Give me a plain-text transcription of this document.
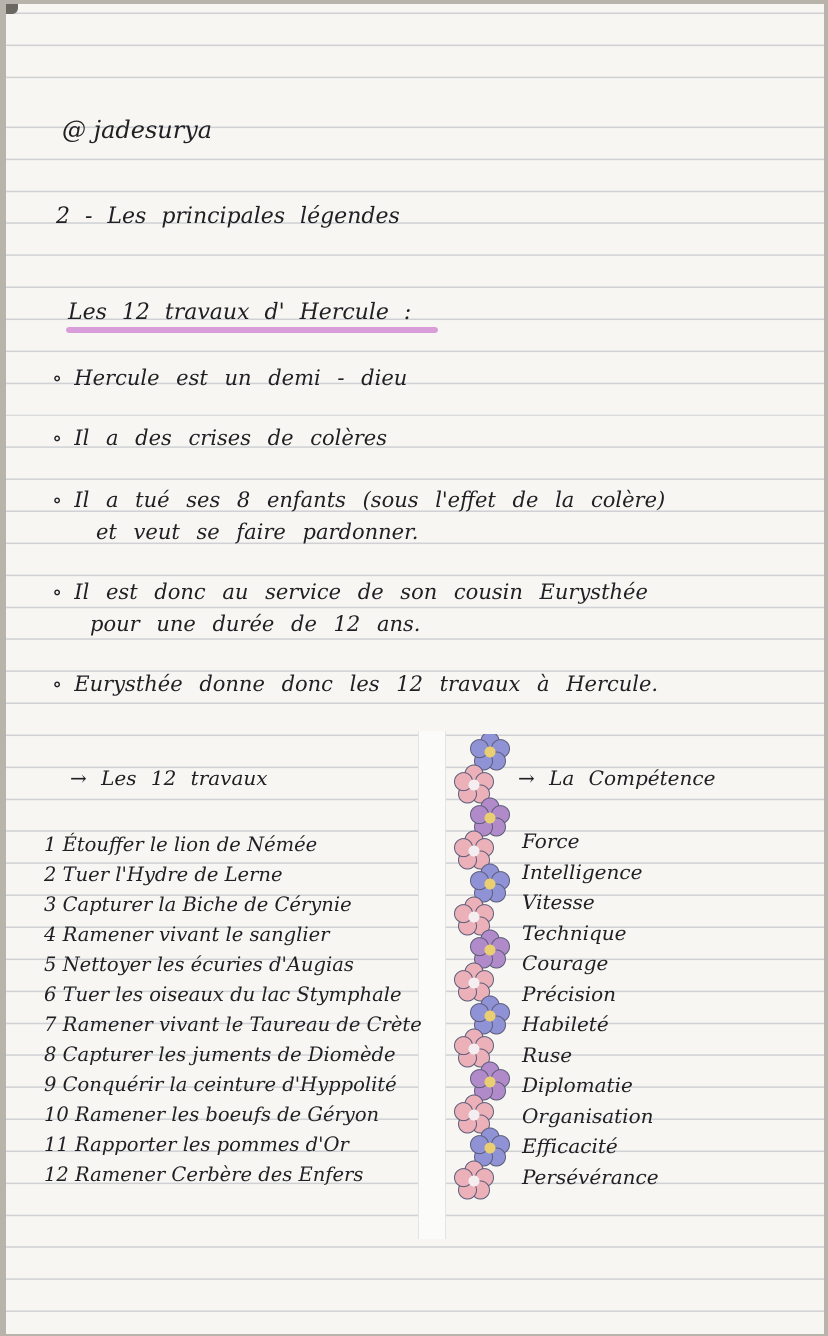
@ jadesurya
2 - Les principales légendes
Les 12 travaux d' Hercule :
∘ Hercule est un demi - dieu
∘ Il a des crises de colères
∘ Il a tué ses 8 enfants (sous l'effet de la colère)
et veut se faire pardonner.
∘ Il est donc au service de son cousin Eurysthée
pour une durée de 12 ans.
∘ Eurysthée donne donc les 12 travaux à Hercule.
→ Les 12 travaux	→ La Compétence
1 Étouffer le lion de Némée
2 Tuer l'Hydre de Lerne
3 Capturer la Biche de Cérynie
4 Ramener vivant le sanglier
5 Nettoyer les écuries d'Augias
6 Tuer les oiseaux du lac Stymphale
7 Ramener vivant le Taureau de Crète
8 Capturer les juments de Diomède
9 Conquérir la ceinture d'Hyppolité
10 Ramener les boeufs de Géryon
11 Rapporter les pommes d'Or
12 Ramener Cerbère des Enfers
Force
Intelligence
Vitesse
Technique
Courage
Précision
Habileté
Ruse
Diplomatie
Organisation
Efficacité
Persévérance
